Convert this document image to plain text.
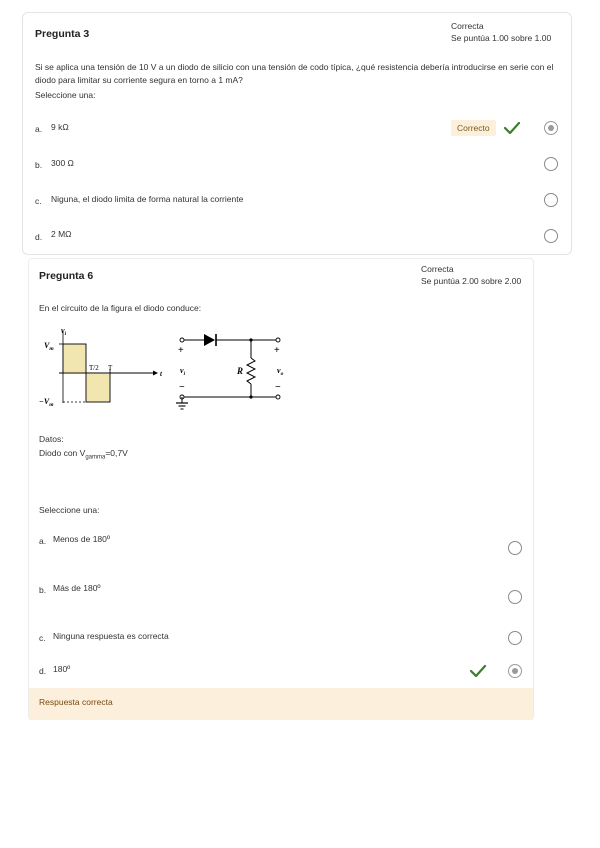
Pregunta 3
Correcta
Se puntúa 1.00 sobre 1.00
Si se aplica una tensión de 10 V a un diodo de silicio con una tensión de codo típica, ¿qué resistencia debería introducirse en serie con el diodo para limitar su corriente segura en torno a 1 mA?
Seleccione una:
a. 9 kΩ	Correcto
b. 300 Ω
c. Niguna, el diodo limita de forma natural la corriente
d. 2 MΩ
Pregunta 6
Correcta
Se puntúa 2.00 sobre 2.00
En el circuito de la figura el diodo conduce:
$v_i$
$V_m$
$-V_m$
T/2 T
t
+
−
+
−
$v_i$	R	$v_o$
Datos:
Diodo con $V_{gamma}=0,7V$
Seleccione una:
a. Menos de 180º
b. Más de 180º
c. Ninguna respuesta es correcta
d. 180º
Respuesta correcta
